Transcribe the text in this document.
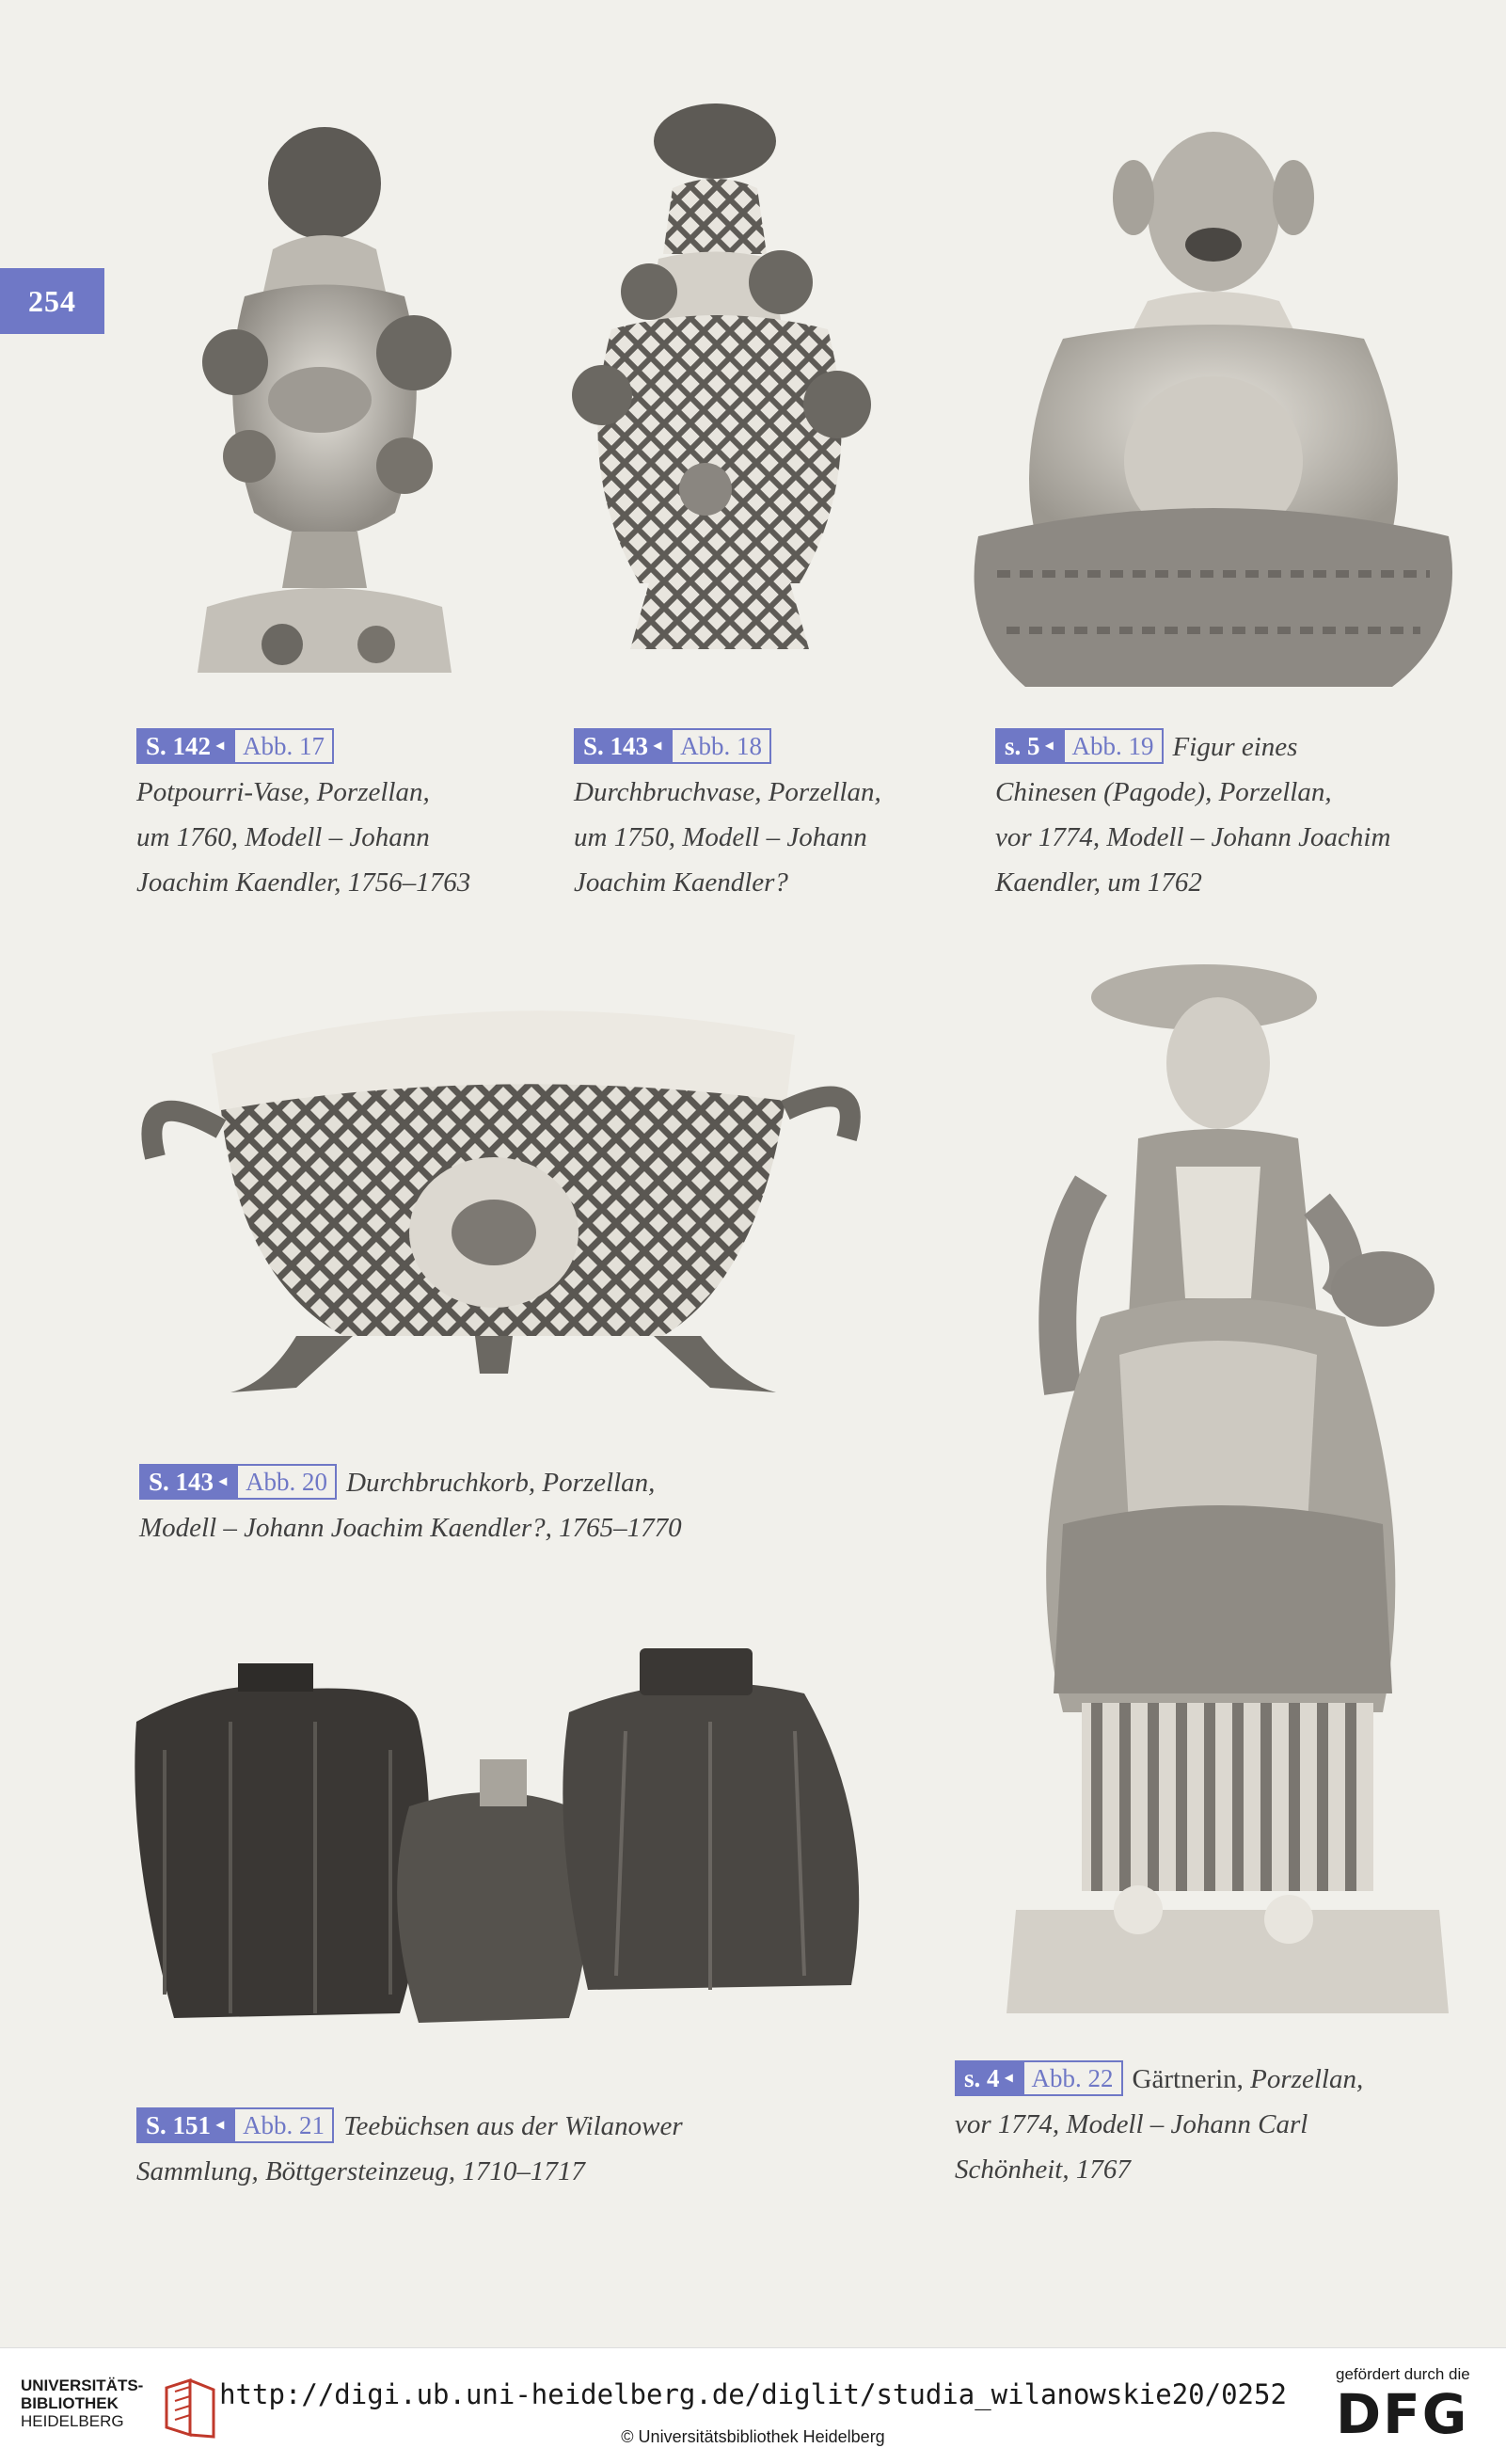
254
S. 142 ◂ Abb. 17
Potpourri-Vase, Porzellan,
um 1760, Modell – Johann
Joachim Kaendler, 1756–1763
S. 143 ◂ Abb. 18
Durchbruchvase, Porzellan,
um 1750, Modell – Johann
Joachim Kaendler?
s. 5 ◂ Abb. 19 Figur eines
Chinesen (Pagode), Porzellan,
vor 1774, Modell – Johann Joachim
Kaendler, um 1762
S. 143 ◂ Abb. 20 Durchbruchkorb, Porzellan,
Modell – Johann Joachim Kaendler?, 1765–1770
S. 151 ◂ Abb. 21 Teebüchsen aus der Wilanower
Sammlung, Böttgersteinzeug, 1710–1717
s. 4 ◂ Abb. 22 Gärtnerin, Porzellan,
vor 1774, Modell – Johann Carl
Schönheit, 1767
UNIVERSITÄTS-
BIBLIOTHEK
HEIDELBERG
http://digi.ub.uni-heidelberg.de/diglit/studia_wilanowskie20/0252
© Universitätsbibliothek Heidelberg
gefördert durch die
DFG
